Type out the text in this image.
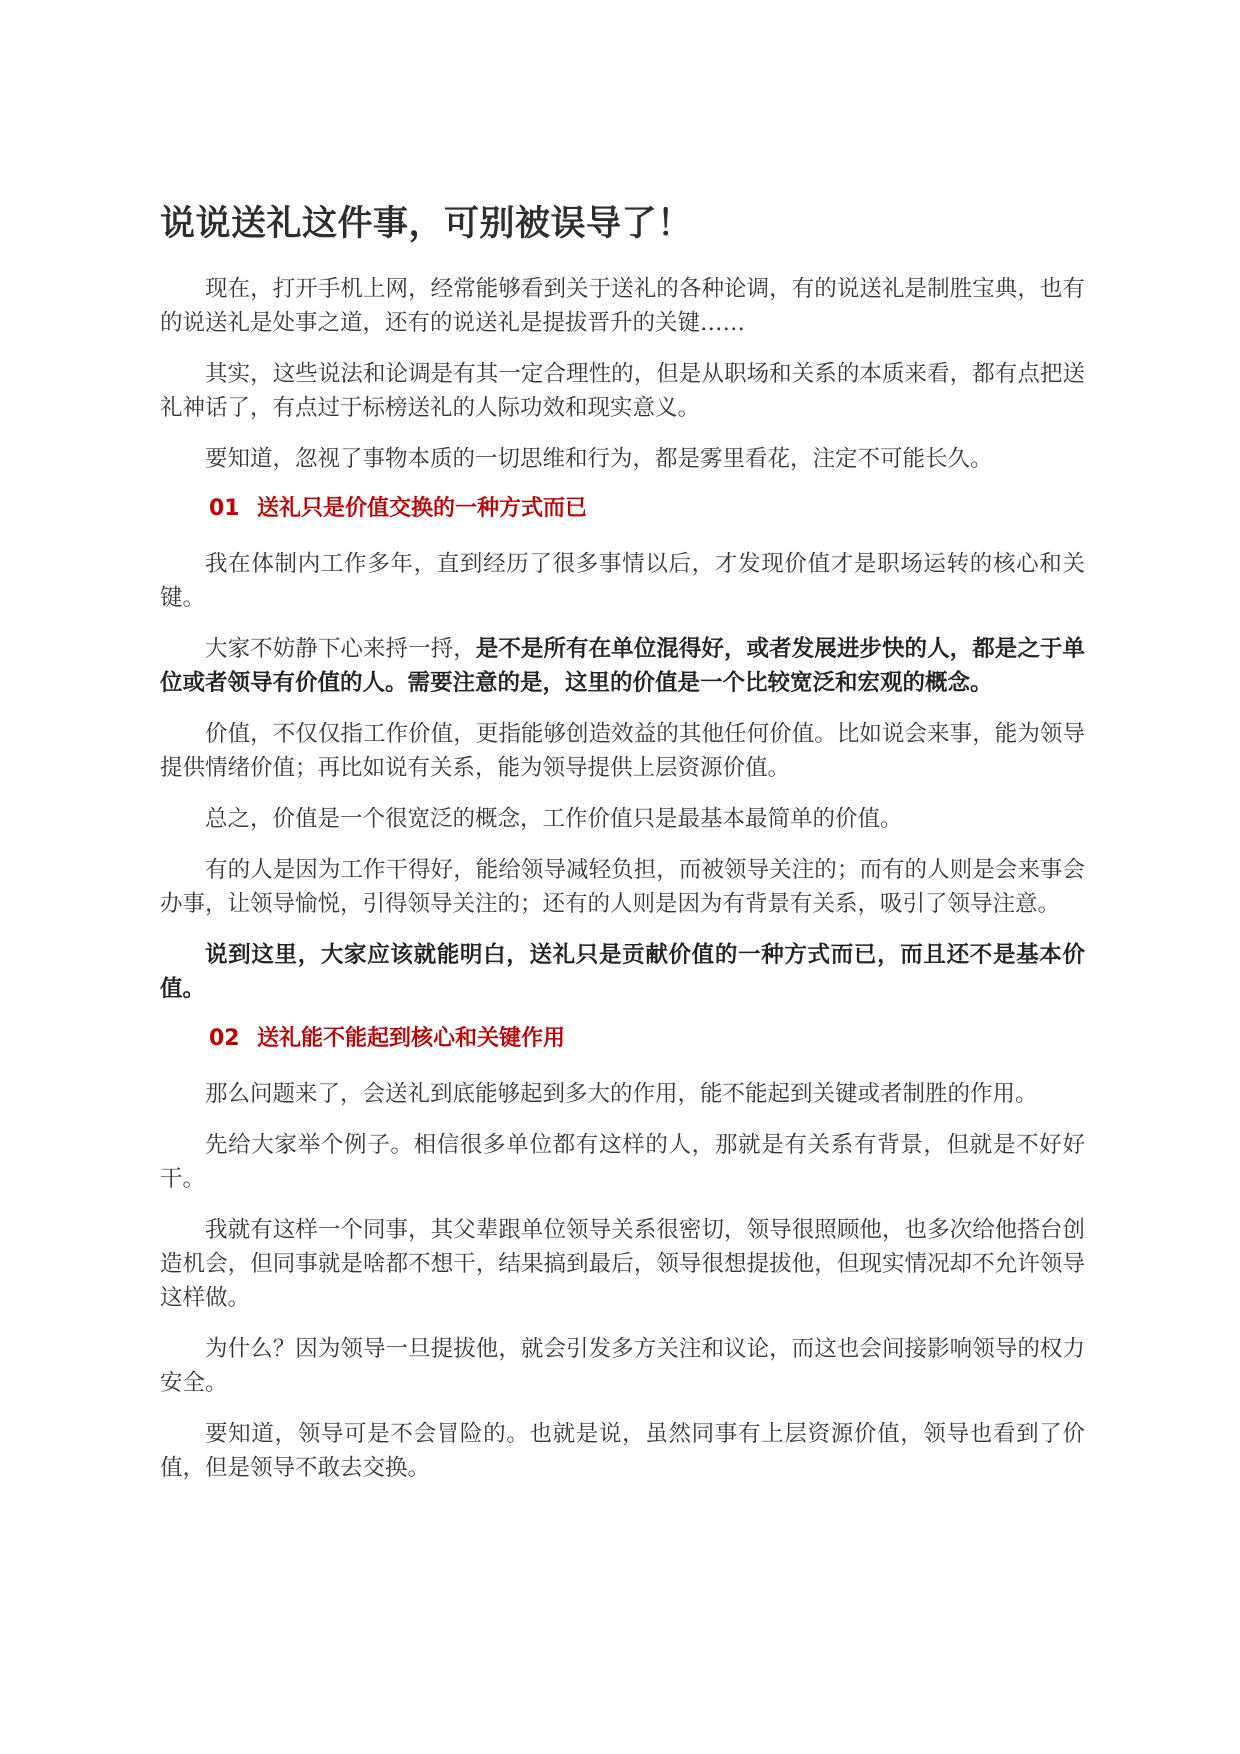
说说送礼这件事，可别被误导了！

现在，打开手机上网，经常能够看到关于送礼的各种论调，有的说送礼是制胜宝典，也有的说送礼是处事之道，还有的说送礼是提拔晋升的关键……

其实，这些说法和论调是有其一定合理性的，但是从职场和关系的本质来看，都有点把送礼神话了，有点过于标榜送礼的人际功效和现实意义。

要知道，忽视了事物本质的一切思维和行为，都是雾里看花，注定不可能长久。

01 送礼只是价值交换的一种方式而已

我在体制内工作多年，直到经历了很多事情以后，才发现价值才是职场运转的核心和关键。

大家不妨静下心来捋一捋，是不是所有在单位混得好，或者发展进步快的人，都是之于单位或者领导有价值的人。需要注意的是，这里的价值是一个比较宽泛和宏观的概念。

价值，不仅仅指工作价值，更指能够创造效益的其他任何价值。比如说会来事，能为领导提供情绪价值；再比如说有关系，能为领导提供上层资源价值。

总之，价值是一个很宽泛的概念，工作价值只是最基本最简单的价值。

有的人是因为工作干得好，能给领导减轻负担，而被领导关注的；而有的人则是会来事会办事，让领导愉悦，引得领导关注的；还有的人则是因为有背景有关系，吸引了领导注意。

说到这里，大家应该就能明白，送礼只是贡献价值的一种方式而已，而且还不是基本价值。

02 送礼能不能起到核心和关键作用

那么问题来了，会送礼到底能够起到多大的作用，能不能起到关键或者制胜的作用。

先给大家举个例子。相信很多单位都有这样的人，那就是有关系有背景，但就是不好好干。

我就有这样一个同事，其父辈跟单位领导关系很密切，领导很照顾他，也多次给他搭台创造机会，但同事就是啥都不想干，结果搞到最后，领导很想提拔他，但现实情况却不允许领导这样做。

为什么？因为领导一旦提拔他，就会引发多方关注和议论，而这也会间接影响领导的权力安全。

要知道，领导可是不会冒险的。也就是说，虽然同事有上层资源价值，领导也看到了价值，但是领导不敢去交换。
